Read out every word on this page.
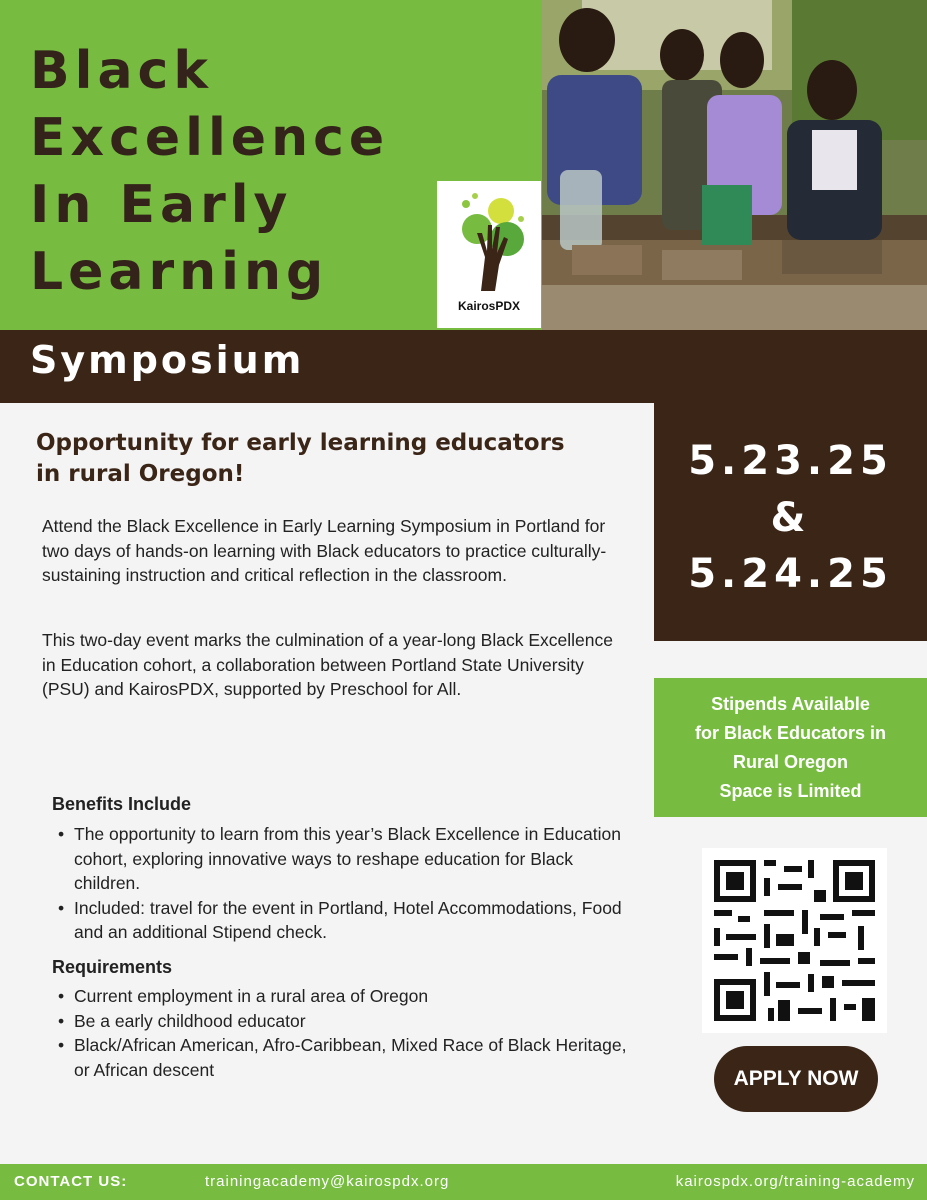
Black
Excellence
In Early
Learning
KairosPDX
Symposium
5.23.25
&
5.24.25
Opportunity for early learning educators in rural Oregon!

Attend the Black Excellence in Early Learning Symposium in Portland for two days of hands-on learning with Black educators to practice culturally-sustaining instruction and critical reflection in the classroom.

This two-day event marks the culmination of a year-long Black Excellence in Education cohort, a collaboration between Portland State University (PSU) and KairosPDX, supported by Preschool for All.

Stipends Available
for Black Educators in
Rural Oregon
Space is Limited
Benefits Include
• The opportunity to learn from this year’s Black Excellence in Education cohort, exploring innovative ways to reshape education for Black children.
• Included: travel for the event in Portland, Hotel Accommodations, Food and an additional Stipend check.
Requirements
• Current employment in a rural area of Oregon
• Be a early childhood educator
• Black/African American, Afro-Caribbean, Mixed Race of Black Heritage, or African descent	APPLY NOW
CONTACT US:	trainingacademy@kairospdx.org	kairospdx.org/training-academy
